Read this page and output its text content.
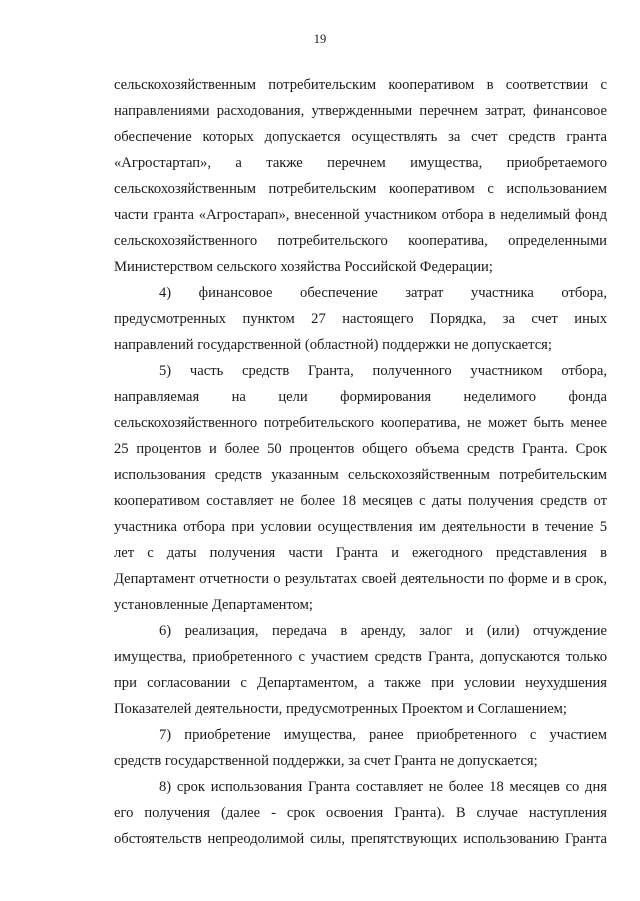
19

сельскохозяйственным потребительским кооперативом в соответствии с
направлениями расходования, утвержденными перечнем затрат, финансовое
обеспечение которых допускается осуществлять за счет средств гранта
«Агростартап», а также перечнем имущества, приобретаемого
сельскохозяйственным потребительским кооперативом с использованием
части гранта «Агростарап», внесенной участником отбора в неделимый фонд
сельскохозяйственного потребительского кооператива, определенными
Министерством сельского хозяйства Российской Федерации;

4) финансовое обеспечение затрат участника отбора,
предусмотренных пунктом 27 настоящего Порядка, за счет иных
направлений государственной (областной) поддержки не допускается;

5) часть средств Гранта, полученного участником отбора,
направляемая на цели формирования неделимого фонда
сельскохозяйственного потребительского кооператива, не может быть менее
25 процентов и более 50 процентов общего объема средств Гранта. Срок
использования средств указанным сельскохозяйственным потребительским
кооперативом составляет не более 18 месяцев с даты получения средств от
участника отбора при условии осуществления им деятельности в течение 5
лет с даты получения части Гранта и ежегодного представления в
Департамент отчетности о результатах своей деятельности по форме и в срок,
установленные Департаментом;

6) реализация, передача в аренду, залог и (или) отчуждение
имущества, приобретенного с участием средств Гранта, допускаются только
при согласовании с Департаментом, а также при условии неухудшения
Показателей деятельности, предусмотренных Проектом и Соглашением;

7) приобретение имущества, ранее приобретенного с участием
средств государственной поддержки, за счет Гранта не допускается;

8) срок использования Гранта составляет не более 18 месяцев со дня
его получения (далее - срок освоения Гранта). В случае наступления
обстоятельств непреодолимой силы, препятствующих использованию Гранта
